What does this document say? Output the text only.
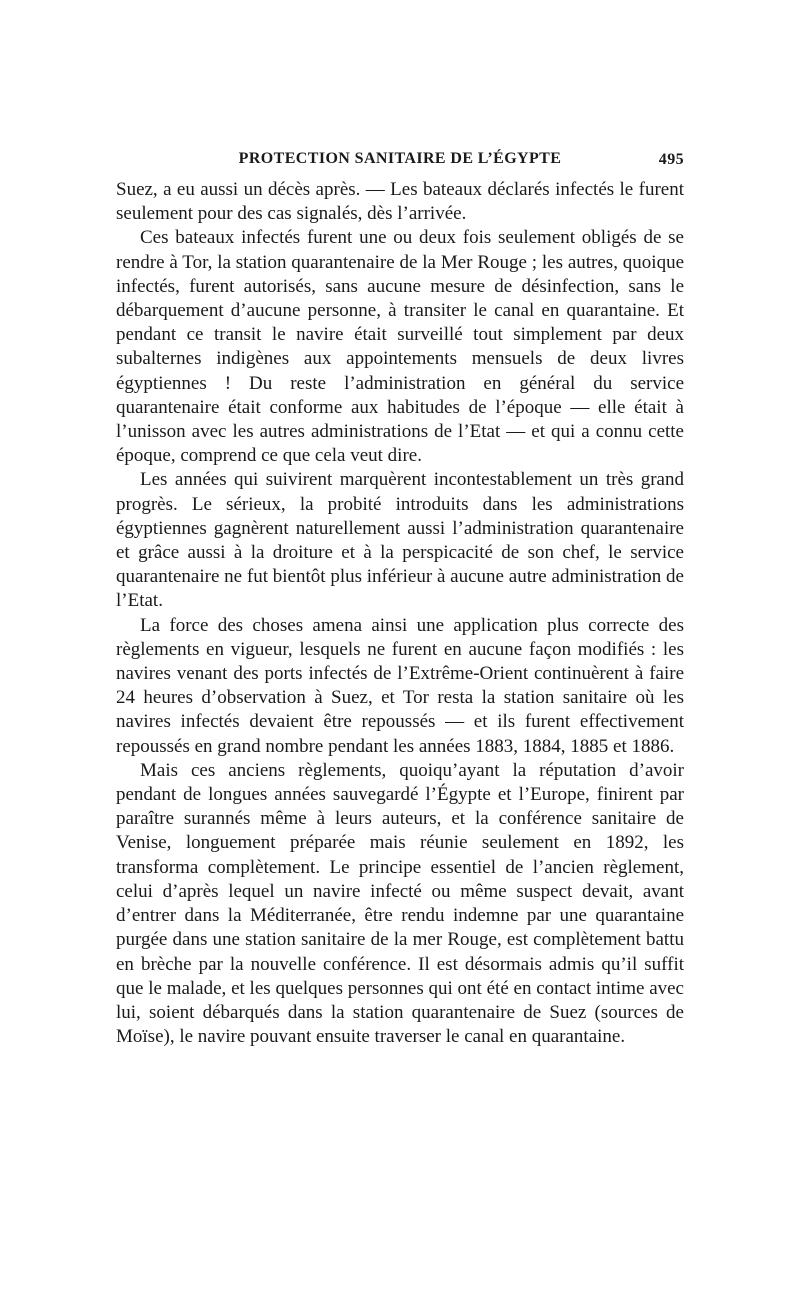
PROTECTION SANITAIRE DE L’ÉGYPTE	495

Suez, a eu aussi un décès après. — Les bateaux déclarés infectés le furent seulement pour des cas signalés, dès l’arrivée.

Ces bateaux infectés furent une ou deux fois seulement obligés de se rendre à Tor, la station quarantenaire de la Mer Rouge ; les autres, quoique infectés, furent autorisés, sans aucune mesure de désinfection, sans le débarquement d’aucune personne, à transiter le canal en quarantaine. Et pendant ce transit le navire était surveillé tout simplement par deux subalternes indigènes aux appointements mensuels de deux livres égyptiennes ! Du reste l’administration en général du service quarantenaire était conforme aux habitudes de l’époque — elle était à l’unisson avec les autres administrations de l’Etat — et qui a connu cette époque, comprend ce que cela veut dire.

Les années qui suivirent marquèrent incontestablement un très grand progrès. Le sérieux, la probité introduits dans les administrations égyptiennes gagnèrent naturellement aussi l’administration quarantenaire et grâce aussi à la droiture et à la perspicacité de son chef, le service quarantenaire ne fut bientôt plus inférieur à aucune autre administration de l’Etat.

La force des choses amena ainsi une application plus correcte des règlements en vigueur, lesquels ne furent en aucune façon modifiés : les navires venant des ports infectés de l’Extrême-Orient continuèrent à faire 24 heures d’observation à Suez, et Tor resta la station sanitaire où les navires infectés devaient être repoussés — et ils furent effectivement repoussés en grand nombre pendant les années 1883, 1884, 1885 et 1886.

Mais ces anciens règlements, quoiqu’ayant la réputation d’avoir pendant de longues années sauvegardé l’Égypte et l’Europe, finirent par paraître surannés même à leurs auteurs, et la conférence sanitaire de Venise, longuement préparée mais réunie seulement en 1892, les transforma complètement. Le principe essentiel de l’ancien règlement, celui d’après lequel un navire infecté ou même suspect devait, avant d’entrer dans la Méditerranée, être rendu indemne par une quarantaine purgée dans une station sanitaire de la mer Rouge, est complètement battu en brèche par la nouvelle conférence. Il est désormais admis qu’il suffit que le malade, et les quelques personnes qui ont été en contact intime avec lui, soient débarqués dans la station quarantenaire de Suez (sources de Moïse), le navire pouvant ensuite traverser le canal en quarantaine.
